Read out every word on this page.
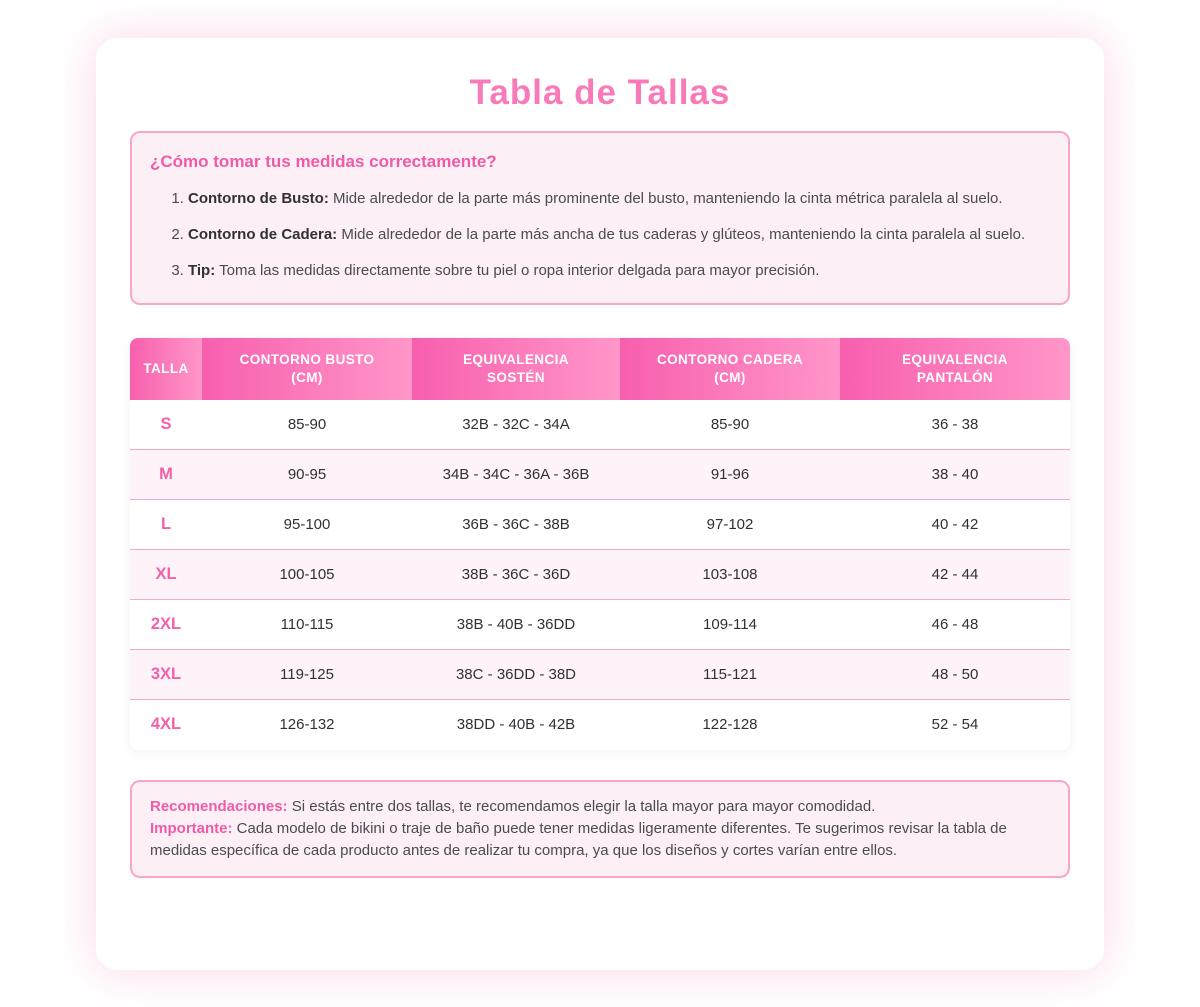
Tabla de Tallas
¿Cómo tomar tus medidas correctamente?
1. Contorno de Busto: Mide alrededor de la parte más prominente del busto, manteniendo la cinta métrica paralela al suelo.
2. Contorno de Cadera: Mide alrededor de la parte más ancha de tus caderas y glúteos, manteniendo la cinta paralela al suelo.
3. Tip: Toma las medidas directamente sobre tu piel o ropa interior delgada para mayor precisión.
TALLA	CONTORNO BUSTO (CM)	EQUIVALENCIA SOSTÉN	CONTORNO CADERA (CM)	EQUIVALENCIA PANTALÓN
S	85-90	32B - 32C - 34A	85-90	36 - 38
M	90-95	34B - 34C - 36A - 36B	91-96	38 - 40
L	95-100	36B - 36C - 38B	97-102	40 - 42
XL	100-105	38B - 36C - 36D	103-108	42 - 44
2XL	110-115	38B - 40B - 36DD	109-114	46 - 48
3XL	119-125	38C - 36DD - 38D	115-121	48 - 50
4XL	126-132	38DD - 40B - 42B	122-128	52 - 54

Recomendaciones: Si estás entre dos tallas, te recomendamos elegir la talla mayor para mayor comodidad.

Importante: Cada modelo de bikini o traje de baño puede tener medidas ligeramente diferentes. Te sugerimos revisar la tabla de medidas específica de cada producto antes de realizar tu compra, ya que los diseños y cortes varían entre ellos.
